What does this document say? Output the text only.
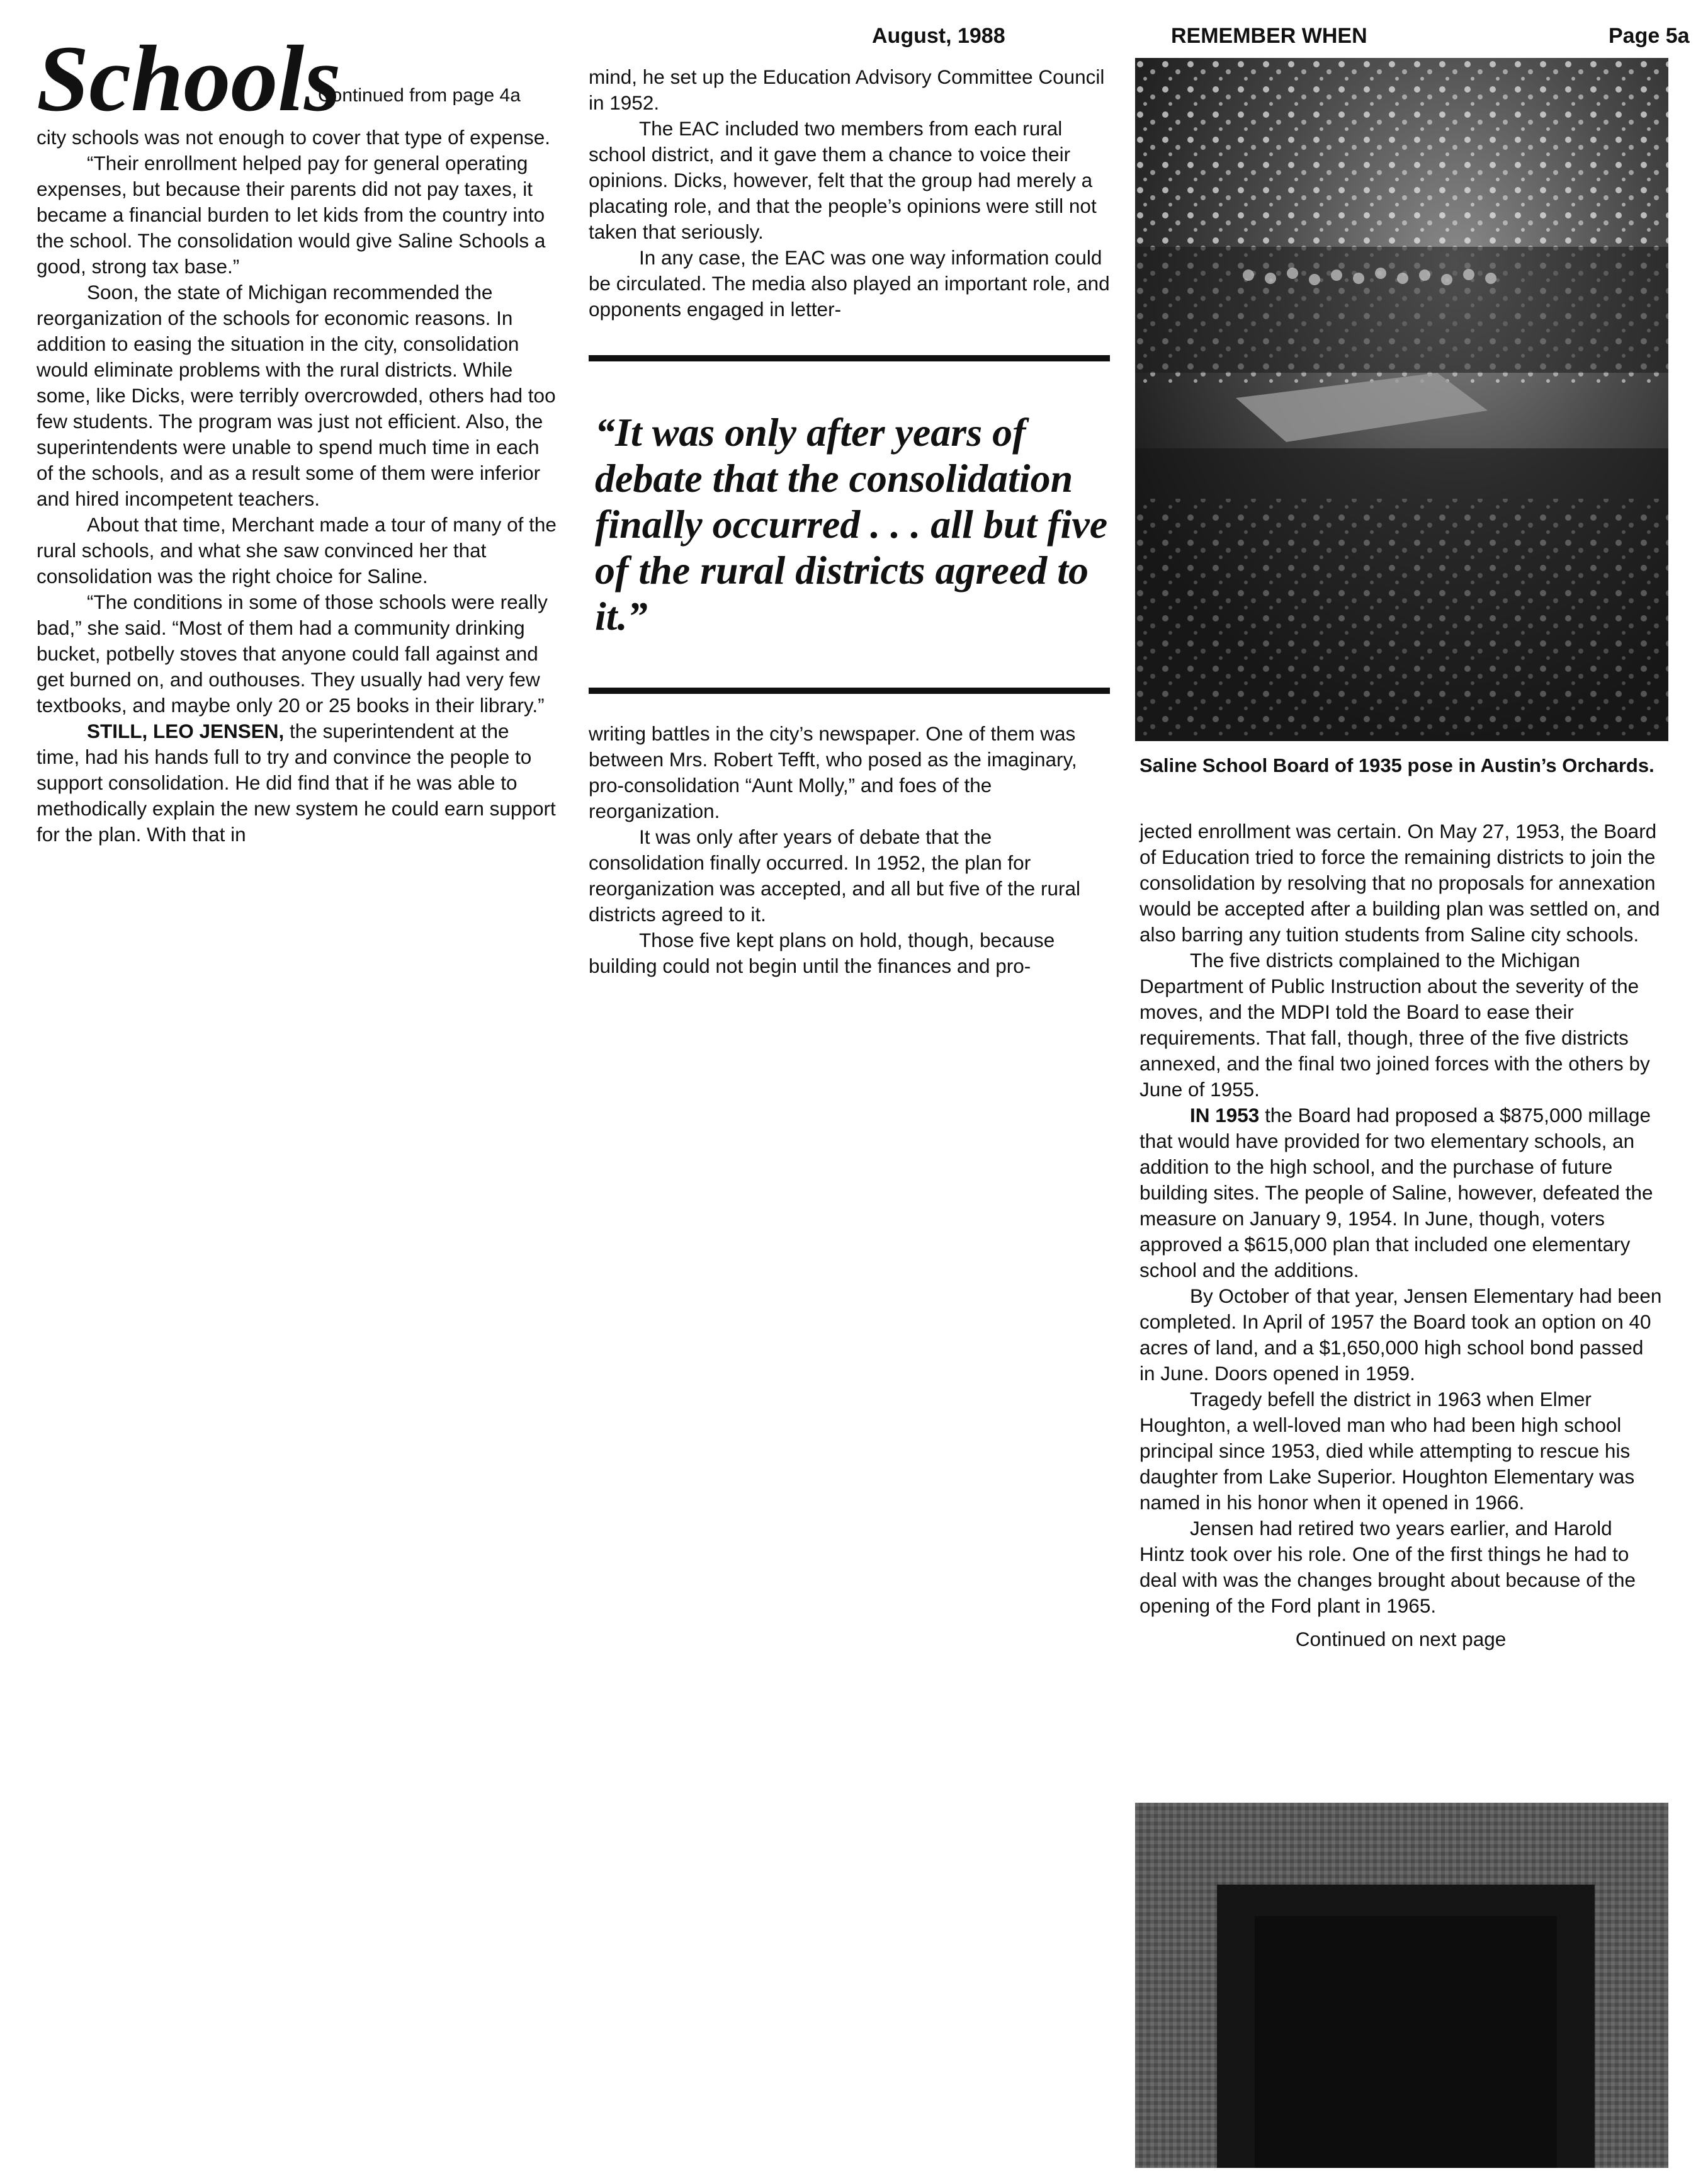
August, 1988	REMEMBER WHEN	Page 5a
Schools
Continued from page 4a

city schools was not enough to cover that type of expense.

“Their enrollment helped pay for general operating expenses, but because their parents did not pay taxes, it became a financial burden to let kids from the country into the school. The consolidation would give Saline Schools a good, strong tax base.”

Soon, the state of Michigan recommended the reorganization of the schools for economic reasons. In addition to easing the situation in the city, consolidation would eliminate problems with the rural districts. While some, like Dicks, were terribly overcrowded, others had too few students. The program was just not efficient. Also, the superintendents were unable to spend much time in each of the schools, and as a result some of them were inferior and hired incompetent teachers.

About that time, Merchant made a tour of many of the rural schools, and what she saw convinced her that consolidation was the right choice for Saline.

“The conditions in some of those schools were really bad,” she said. “Most of them had a community drinking bucket, potbelly stoves that anyone could fall against and get burned on, and outhouses. They usually had very few textbooks, and maybe only 20 or 25 books in their library.”

STILL, LEO JENSEN, the superintendent at the time, had his hands full to try and convince the people to support consolidation. He did find that if he was able to methodically explain the new system he could earn support for the plan. With that in

mind, he set up the Education Advisory Committee Council in 1952.

The EAC included two members from each rural school district, and it gave them a chance to voice their opinions. Dicks, however, felt that the group had merely a placating role, and that the people’s opinions were still not taken that seriously.

In any case, the EAC was one way information could be circulated. The media also played an important role, and opponents engaged in letter-

“It was only after years of debate that the consolidation finally occurred . . . all but five of the rural districts agreed to it.”

writing battles in the city’s newspaper. One of them was between Mrs. Robert Tefft, who posed as the imaginary, pro-consolidation “Aunt Molly,” and foes of the reorganization.

It was only after years of debate that the consolidation finally occurred. In 1952, the plan for reorganization was accepted, and all but five of the rural districts agreed to it.

Those five kept plans on hold, though, because building could not begin until the finances and pro-

Saline School Board of 1935 pose in Austin’s Orchards.

jected enrollment was certain. On May 27, 1953, the Board of Education tried to force the remaining districts to join the consolidation by resolving that no proposals for annexation would be accepted after a building plan was settled on, and also barring any tuition students from Saline city schools.

The five districts complained to the Michigan Department of Public Instruction about the severity of the moves, and the MDPI told the Board to ease their requirements. That fall, though, three of the five districts annexed, and the final two joined forces with the others by June of 1955.

IN 1953 the Board had proposed a $875,000 millage that would have provided for two elementary schools, an addition to the high school, and the purchase of future building sites. The people of Saline, however, defeated the measure on January 9, 1954. In June, though, voters approved a $615,000 plan that included one elementary school and the additions.

By October of that year, Jensen Elementary had been completed. In April of 1957 the Board took an option on 40 acres of land, and a $1,650,000 high school bond passed in June. Doors opened in 1959.

Tragedy befell the district in 1963 when Elmer Houghton, a well-loved man who had been high school principal since 1953, died while attempting to rescue his daughter from Lake Superior. Houghton Elementary was named in his honor when it opened in 1966.

Jensen had retired two years earlier, and Harold Hintz took over his role. One of the first things he had to deal with was the changes brought about because of the opening of the Ford plant in 1965.

Continued on next page
